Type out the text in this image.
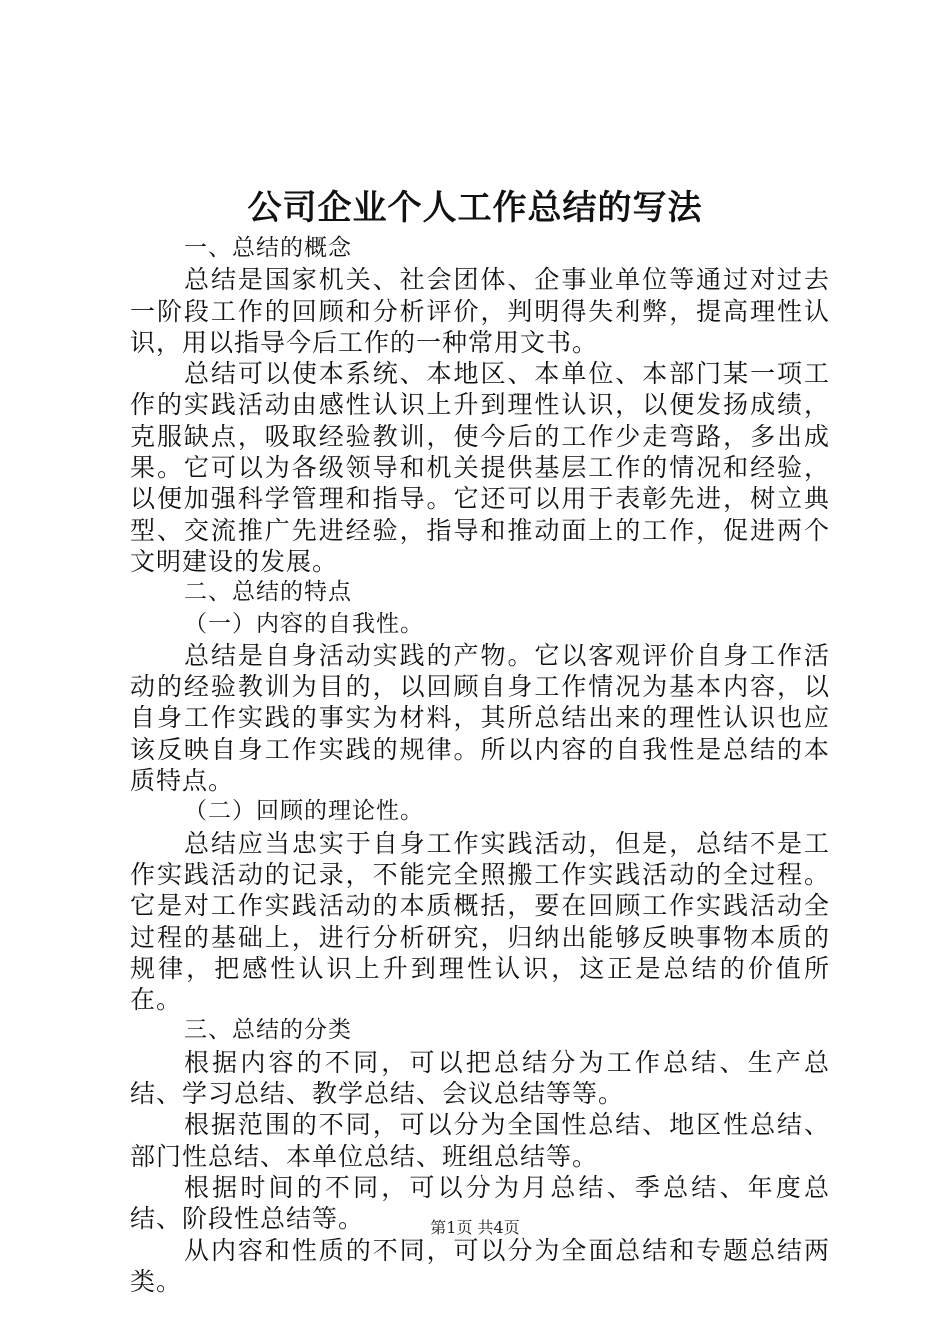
公司企业个人工作总结的写法

一、总结的概念

总结是国家机关、社会团体、企事业单位等通过对过去一阶段工作的回顾和分析评价，判明得失利弊，提高理性认识，用以指导今后工作的一种常用文书。

总结可以使本系统、本地区、本单位、本部门某一项工作的实践活动由感性认识上升到理性认识，以便发扬成绩，克服缺点，吸取经验教训，使今后的工作少走弯路，多出成果。它可以为各级领导和机关提供基层工作的情况和经验，以便加强科学管理和指导。它还可以用于表彰先进，树立典型、交流推广先进经验，指导和推动面上的工作，促进两个文明建设的发展。

二、总结的特点

（一）内容的自我性。

总结是自身活动实践的产物。它以客观评价自身工作活动的经验教训为目的，以回顾自身工作情况为基本内容，以自身工作实践的事实为材料，其所总结出来的理性认识也应该反映自身工作实践的规律。所以内容的自我性是总结的本质特点。

（二）回顾的理论性。

总结应当忠实于自身工作实践活动，但是，总结不是工作实践活动的记录，不能完全照搬工作实践活动的全过程。它是对工作实践活动的本质概括，要在回顾工作实践活动全过程的基础上，进行分析研究，归纳出能够反映事物本质的规律，把感性认识上升到理性认识，这正是总结的价值所在。

三、总结的分类

根据内容的不同，可以把总结分为工作总结、生产总结、学习总结、教学总结、会议总结等等。

根据范围的不同，可以分为全国性总结、地区性总结、部门性总结、本单位总结、班组总结等。

根据时间的不同，可以分为月总结、季总结、年度总结、阶段性总结等。

从内容和性质的不同，可以分为全面总结和专题总结两类。

第1页 共4页
